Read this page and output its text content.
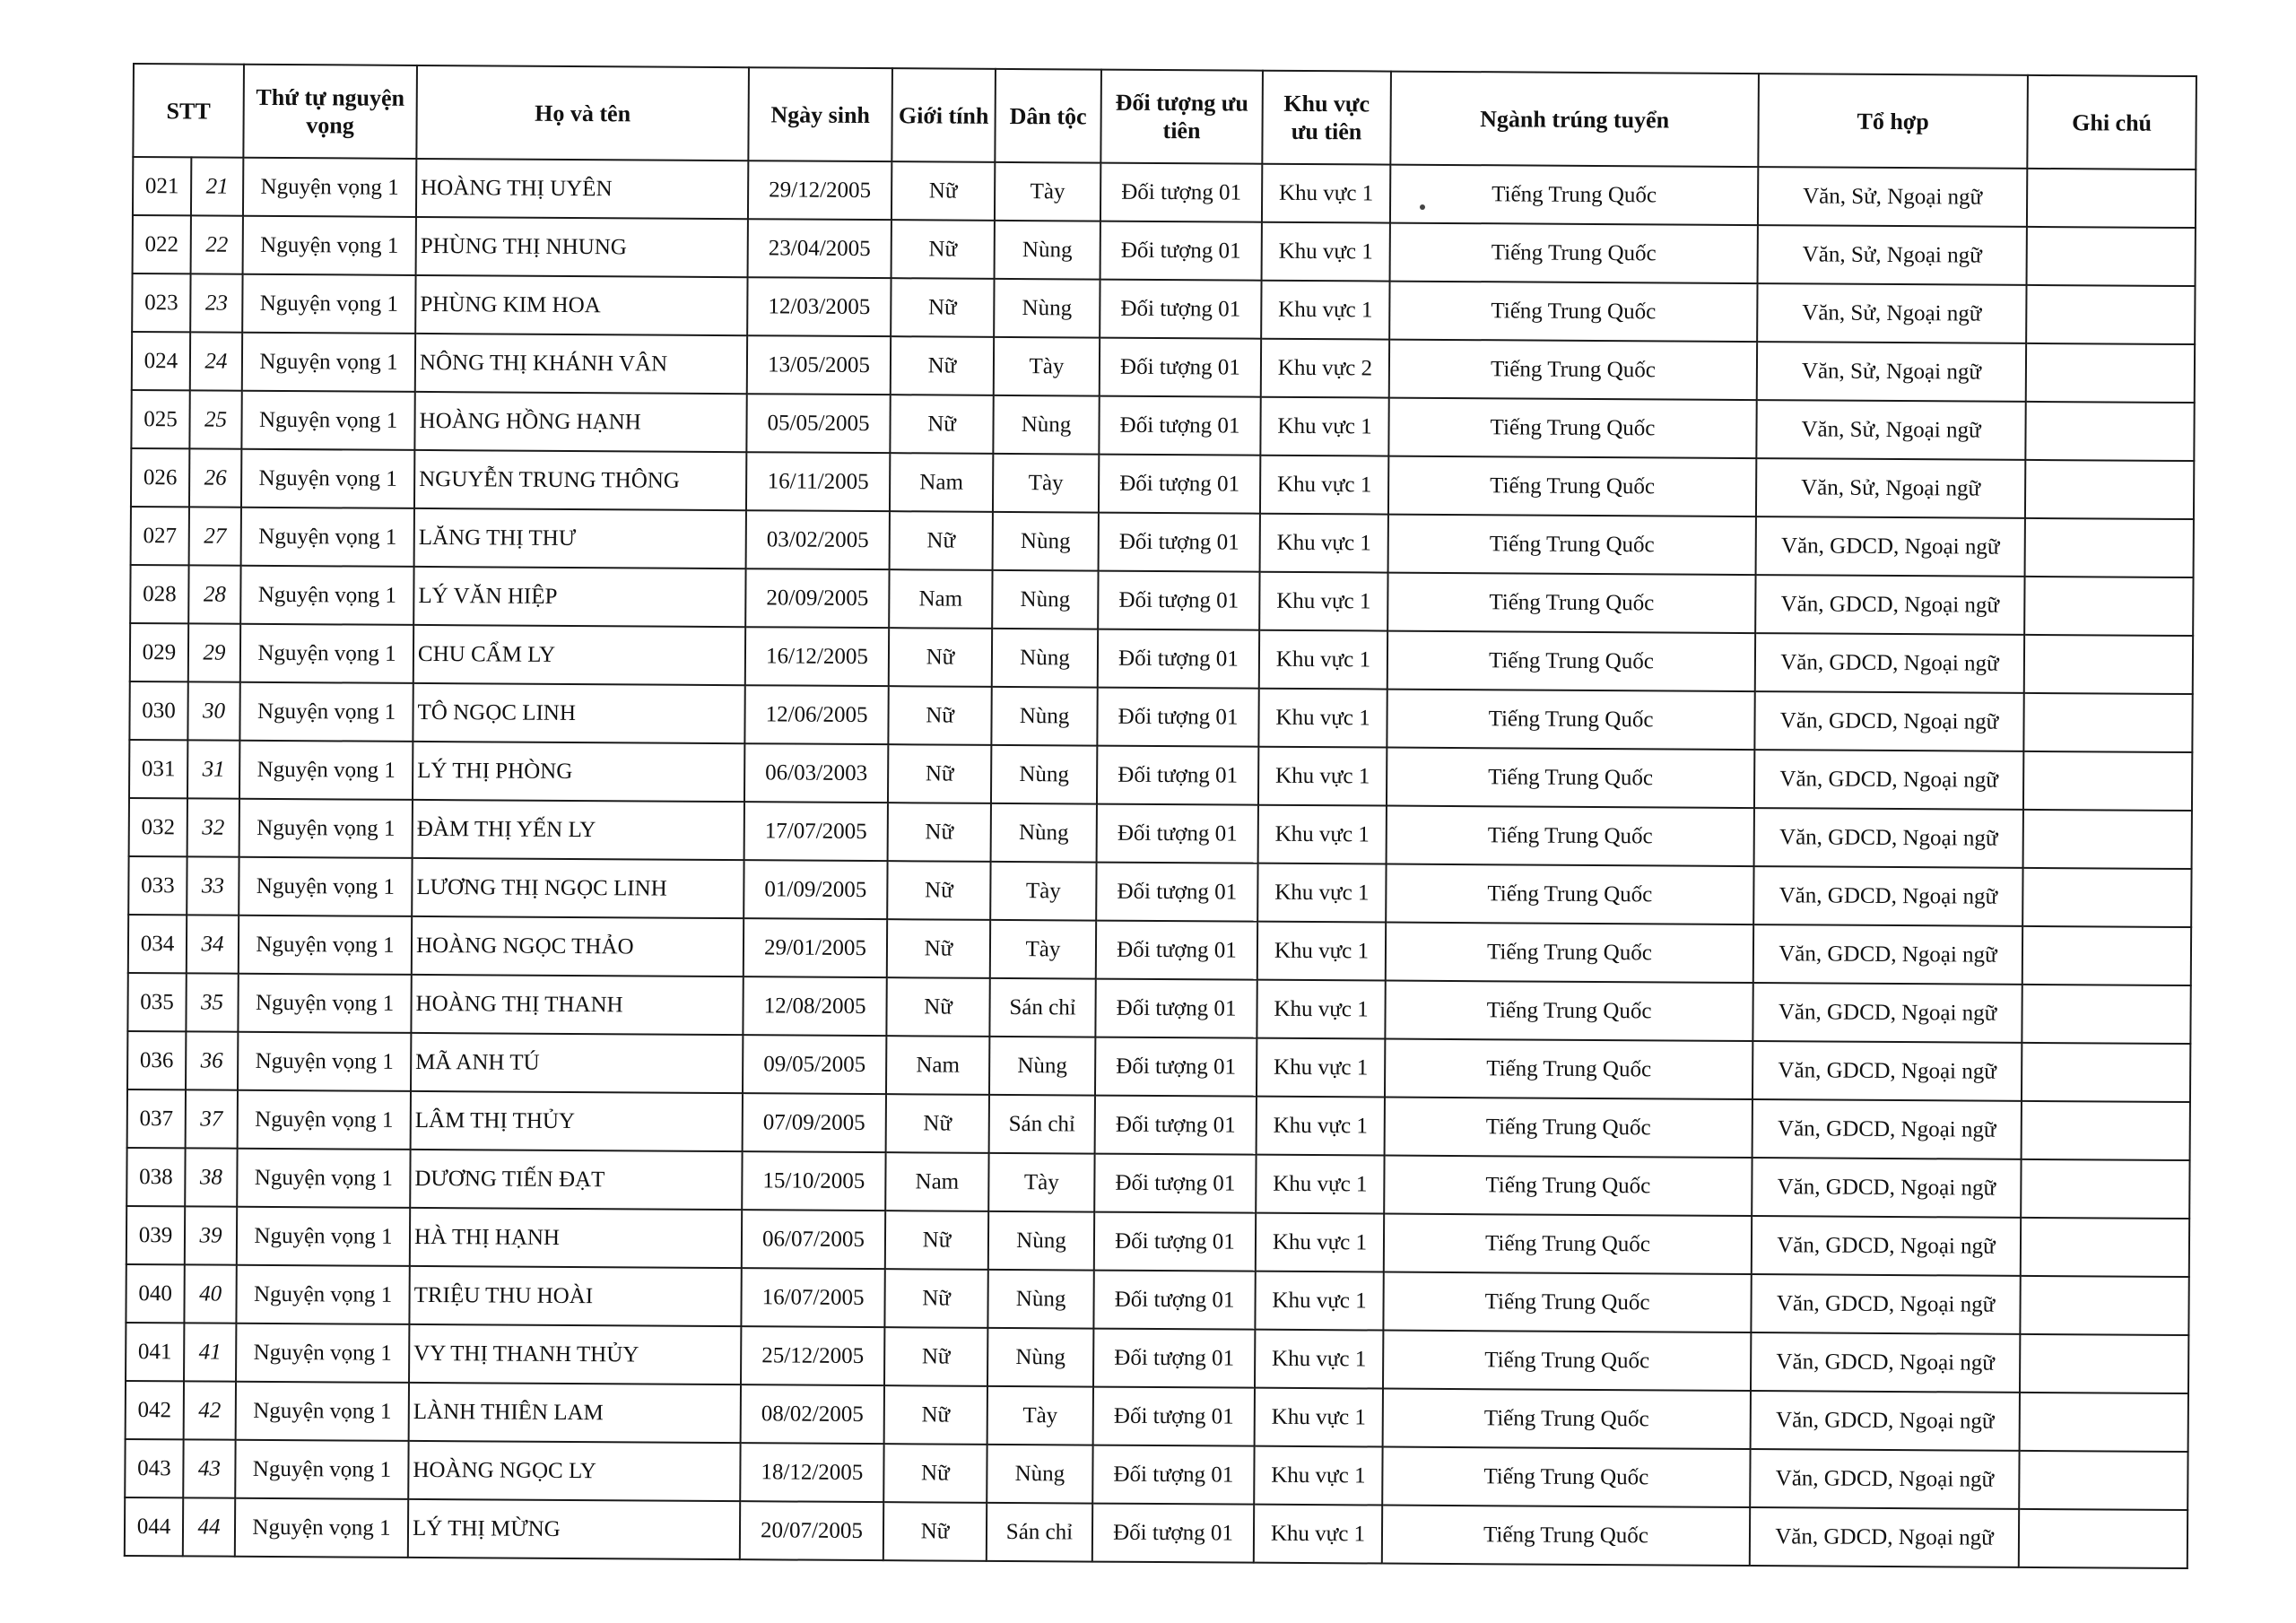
STT		Thứ tự nguyện vọng	Họ và tên	Ngày sinh	Giới tính	Dân tộc	Đối tượng ưu tiên	Khu vực ưu tiên	Ngành trúng tuyển	Tổ hợp	Ghi chú
021	21	Nguyện vọng 1	HOÀNG THỊ UYÊN	29/12/2005	Nữ	Tày	Đối tượng 01	Khu vực 1	Tiếng Trung Quốc	Văn, Sử, Ngoại ngữ	
022	22	Nguyện vọng 1	PHÙNG THỊ NHUNG	23/04/2005	Nữ	Nùng	Đối tượng 01	Khu vực 1	Tiếng Trung Quốc	Văn, Sử, Ngoại ngữ	
023	23	Nguyện vọng 1	PHÙNG KIM HOA	12/03/2005	Nữ	Nùng	Đối tượng 01	Khu vực 1	Tiếng Trung Quốc	Văn, Sử, Ngoại ngữ	
024	24	Nguyện vọng 1	NÔNG THỊ KHÁNH VÂN	13/05/2005	Nữ	Tày	Đối tượng 01	Khu vực 2	Tiếng Trung Quốc	Văn, Sử, Ngoại ngữ	
025	25	Nguyện vọng 1	HOÀNG HỒNG HẠNH	05/05/2005	Nữ	Nùng	Đối tượng 01	Khu vực 1	Tiếng Trung Quốc	Văn, Sử, Ngoại ngữ	
026	26	Nguyện vọng 1	NGUYỄN TRUNG THÔNG	16/11/2005	Nam	Tày	Đối tượng 01	Khu vực 1	Tiếng Trung Quốc	Văn, Sử, Ngoại ngữ	
027	27	Nguyện vọng 1	LĂNG THỊ THƯ	03/02/2005	Nữ	Nùng	Đối tượng 01	Khu vực 1	Tiếng Trung Quốc	Văn, GDCD, Ngoại ngữ	
028	28	Nguyện vọng 1	LÝ VĂN HIỆP	20/09/2005	Nam	Nùng	Đối tượng 01	Khu vực 1	Tiếng Trung Quốc	Văn, GDCD, Ngoại ngữ	
029	29	Nguyện vọng 1	CHU CẨM LY	16/12/2005	Nữ	Nùng	Đối tượng 01	Khu vực 1	Tiếng Trung Quốc	Văn, GDCD, Ngoại ngữ	
030	30	Nguyện vọng 1	TÔ NGỌC LINH	12/06/2005	Nữ	Nùng	Đối tượng 01	Khu vực 1	Tiếng Trung Quốc	Văn, GDCD, Ngoại ngữ	
031	31	Nguyện vọng 1	LÝ THỊ PHÒNG	06/03/2003	Nữ	Nùng	Đối tượng 01	Khu vực 1	Tiếng Trung Quốc	Văn, GDCD, Ngoại ngữ	
032	32	Nguyện vọng 1	ĐÀM THỊ YẾN LY	17/07/2005	Nữ	Nùng	Đối tượng 01	Khu vực 1	Tiếng Trung Quốc	Văn, GDCD, Ngoại ngữ	
033	33	Nguyện vọng 1	LƯƠNG THỊ NGỌC LINH	01/09/2005	Nữ	Tày	Đối tượng 01	Khu vực 1	Tiếng Trung Quốc	Văn, GDCD, Ngoại ngữ	
034	34	Nguyện vọng 1	HOÀNG NGỌC THẢO	29/01/2005	Nữ	Tày	Đối tượng 01	Khu vực 1	Tiếng Trung Quốc	Văn, GDCD, Ngoại ngữ	
035	35	Nguyện vọng 1	HOÀNG THỊ THANH	12/08/2005	Nữ	Sán chỉ	Đối tượng 01	Khu vực 1	Tiếng Trung Quốc	Văn, GDCD, Ngoại ngữ	
036	36	Nguyện vọng 1	MÃ ANH TÚ	09/05/2005	Nam	Nùng	Đối tượng 01	Khu vực 1	Tiếng Trung Quốc	Văn, GDCD, Ngoại ngữ	
037	37	Nguyện vọng 1	LÂM THỊ THỦY	07/09/2005	Nữ	Sán chỉ	Đối tượng 01	Khu vực 1	Tiếng Trung Quốc	Văn, GDCD, Ngoại ngữ	
038	38	Nguyện vọng 1	DƯƠNG TIẾN ĐẠT	15/10/2005	Nam	Tày	Đối tượng 01	Khu vực 1	Tiếng Trung Quốc	Văn, GDCD, Ngoại ngữ	
039	39	Nguyện vọng 1	HÀ THỊ HẠNH	06/07/2005	Nữ	Nùng	Đối tượng 01	Khu vực 1	Tiếng Trung Quốc	Văn, GDCD, Ngoại ngữ	
040	40	Nguyện vọng 1	TRIỆU THU HOÀI	16/07/2005	Nữ	Nùng	Đối tượng 01	Khu vực 1	Tiếng Trung Quốc	Văn, GDCD, Ngoại ngữ	
041	41	Nguyện vọng 1	VY THỊ THANH THỦY	25/12/2005	Nữ	Nùng	Đối tượng 01	Khu vực 1	Tiếng Trung Quốc	Văn, GDCD, Ngoại ngữ	
042	42	Nguyện vọng 1	LÀNH THIÊN LAM	08/02/2005	Nữ	Tày	Đối tượng 01	Khu vực 1	Tiếng Trung Quốc	Văn, GDCD, Ngoại ngữ	
043	43	Nguyện vọng 1	HOÀNG NGỌC LY	18/12/2005	Nữ	Nùng	Đối tượng 01	Khu vực 1	Tiếng Trung Quốc	Văn, GDCD, Ngoại ngữ	
044	44	Nguyện vọng 1	LÝ THỊ MỪNG	20/07/2005	Nữ	Sán chỉ	Đối tượng 01	Khu vực 1	Tiếng Trung Quốc	Văn, GDCD, Ngoại ngữ	
